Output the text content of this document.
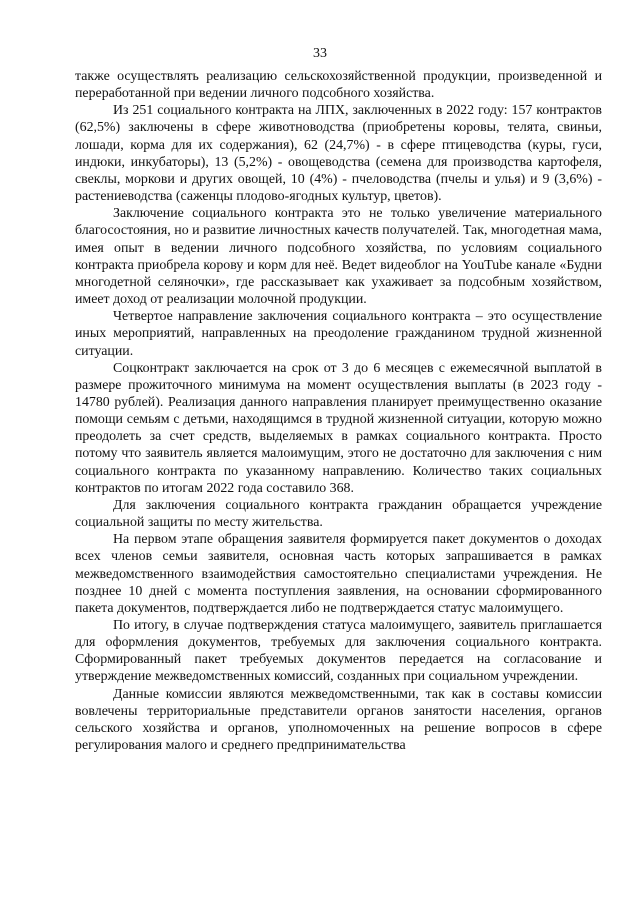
33

также осуществлять реализацию сельскохозяйственной продукции, произведенной и переработанной при ведении личного подсобного хозяйства.

Из 251 социального контракта на ЛПХ, заключенных в 2022 году: 157 контрактов (62,5%) заключены в сфере животноводства (приобретены коровы, телята, свиньи, лошади, корма для их содержания), 62 (24,7%) - в сфере птицеводства (куры, гуси, индюки, инкубаторы), 13 (5,2%) - овощеводства (семена для производства картофеля, свеклы, моркови и других овощей, 10 (4%) - пчеловодства (пчелы и улья) и 9 (3,6%) - растениеводства (саженцы плодово-ягодных культур, цветов).

Заключение социального контракта это не только увеличение материального благосостояния, но и развитие личностных качеств получателей. Так, многодетная мама, имея опыт в ведении личного подсобного хозяйства, по условиям социального контракта приобрела корову и корм для неё. Ведет видеоблог на YouTube канале «Будни многодетной селяночки», где рассказывает как ухаживает за подсобным хозяйством, имеет доход от реализации молочной продукции.

Четвертое направление заключения социального контракта – это осуществление иных мероприятий, направленных на преодоление гражданином трудной жизненной ситуации.

Соцконтракт заключается на срок от 3 до 6 месяцев с ежемесячной выплатой в размере прожиточного минимума на момент осуществления выплаты (в 2023 году - 14780 рублей). Реализация данного направления планирует преимущественно оказание помощи семьям с детьми, находящимся в трудной жизненной ситуации, которую можно преодолеть за счет средств, выделяемых в рамках социального контракта. Просто потому что заявитель является малоимущим, этого не достаточно для заключения с ним социального контракта по указанному направлению. Количество таких социальных контрактов по итогам 2022 года составило 368.

Для заключения социального контракта гражданин обращается учреждение социальной защиты по месту жительства.

На первом этапе обращения заявителя формируется пакет документов о доходах всех членов семьи заявителя, основная часть которых запрашивается в рамках межведомственного взаимодействия самостоятельно специалистами учреждения. Не позднее 10 дней с момента поступления заявления, на основании сформированного пакета документов, подтверждается либо не подтверждается статус малоимущего.

По итогу, в случае подтверждения статуса малоимущего, заявитель приглашается для оформления документов, требуемых для заключения социального контракта. Сформированный пакет требуемых документов передается на согласование и утверждение межведомственных комиссий, созданных при социальном учреждении.

Данные комиссии являются межведомственными, так как в составы комиссии вовлечены территориальные представители органов занятости населения, органов сельского хозяйства и органов, уполномоченных на решение вопросов в сфере регулирования малого и среднего предпринимательства
